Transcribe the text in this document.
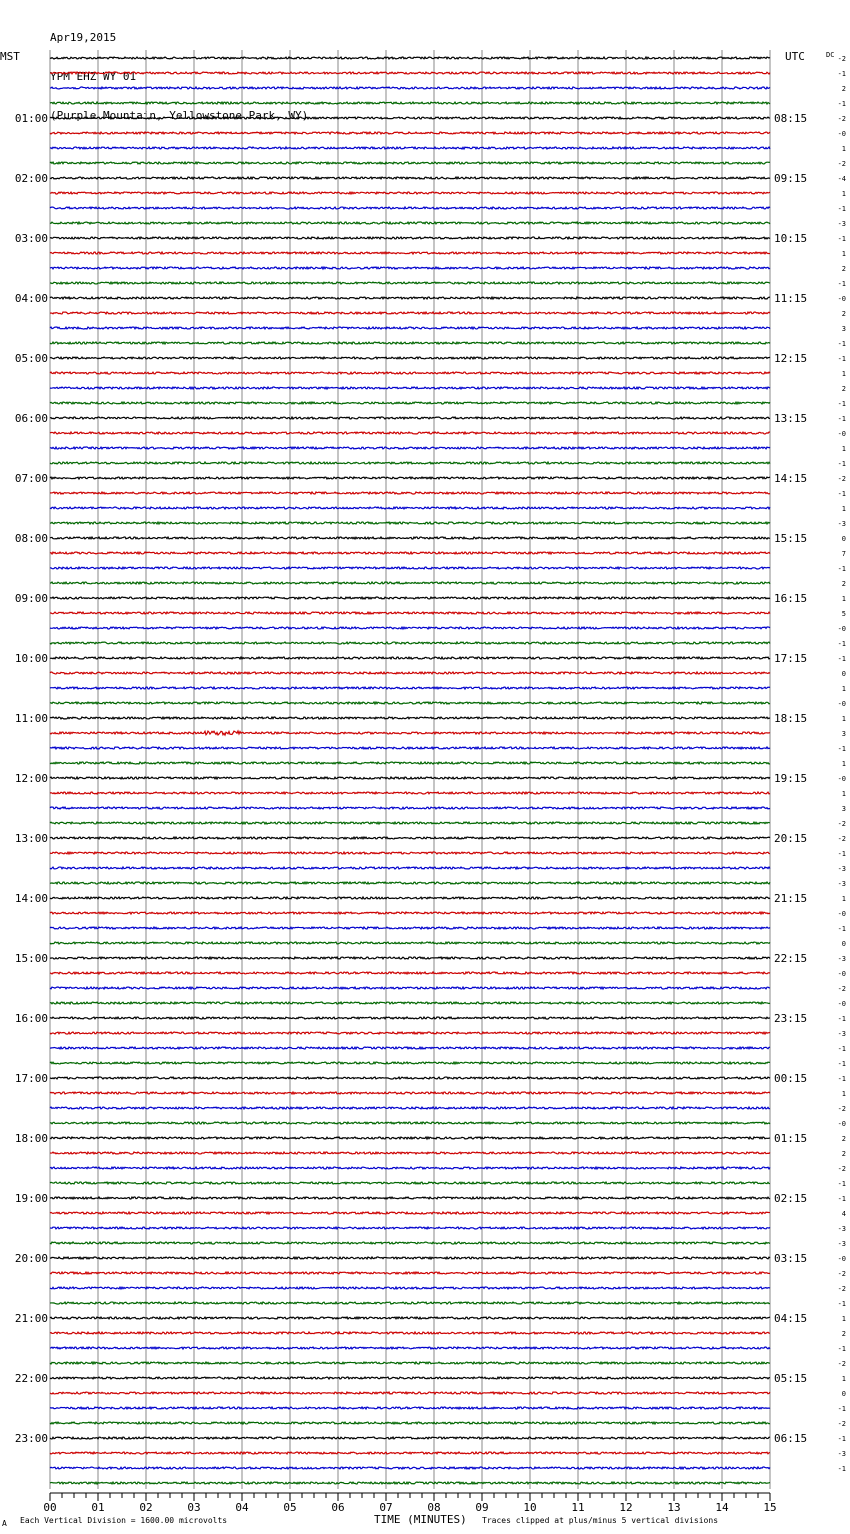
Apr19,2015

YPM EHZ WY 01

(Purple Mountain, Yellowstone Park, WY)

MST	UTC	DC -2
-1
2
-1
-2
-0
1
-2
-4
1
-1
-3
-1
1
2
-1
-0
2
3
-1
-1
1
2
-1
-1
-0
1
-1
-2
-1
1
-3
0
7
-1
2
1
5
-0
-1
-1
0
1
-0
1
3
-1
1
-0
1
3
-2
-2
-1
-3
-3
1
-0
-1
0
-3
-0
-2
-0
-1
-3
-1
-1
-1
1
-2
-0
2
2
-2
-1
-1
4
-3
-3
-0
-2
-2
-1
1
2
-1
-2
1
0
-1
-2
-1
-3
-1
01:00
02:00
03:00
04:00
05:00
06:00
07:00
08:00
09:00
10:00
11:00
12:00
13:00
14:00
15:00
16:00
17:00
18:00
19:00
20:00
21:00
22:00
23:00
08:15
09:15
10:15
11:15
12:15
13:15
14:15
15:15
16:15
17:15
18:15
19:15
20:15
21:15
22:15
23:15
00:15
01:15
02:15
03:15
04:15
05:15
06:15
00	01	02	03	04	05	06	07	08	09	10	11	12	13	14	15
A Each Vertical Division = 1600.00 microvolts	TIME (MINUTES) Traces clipped at plus/minus 5 vertical divisions
